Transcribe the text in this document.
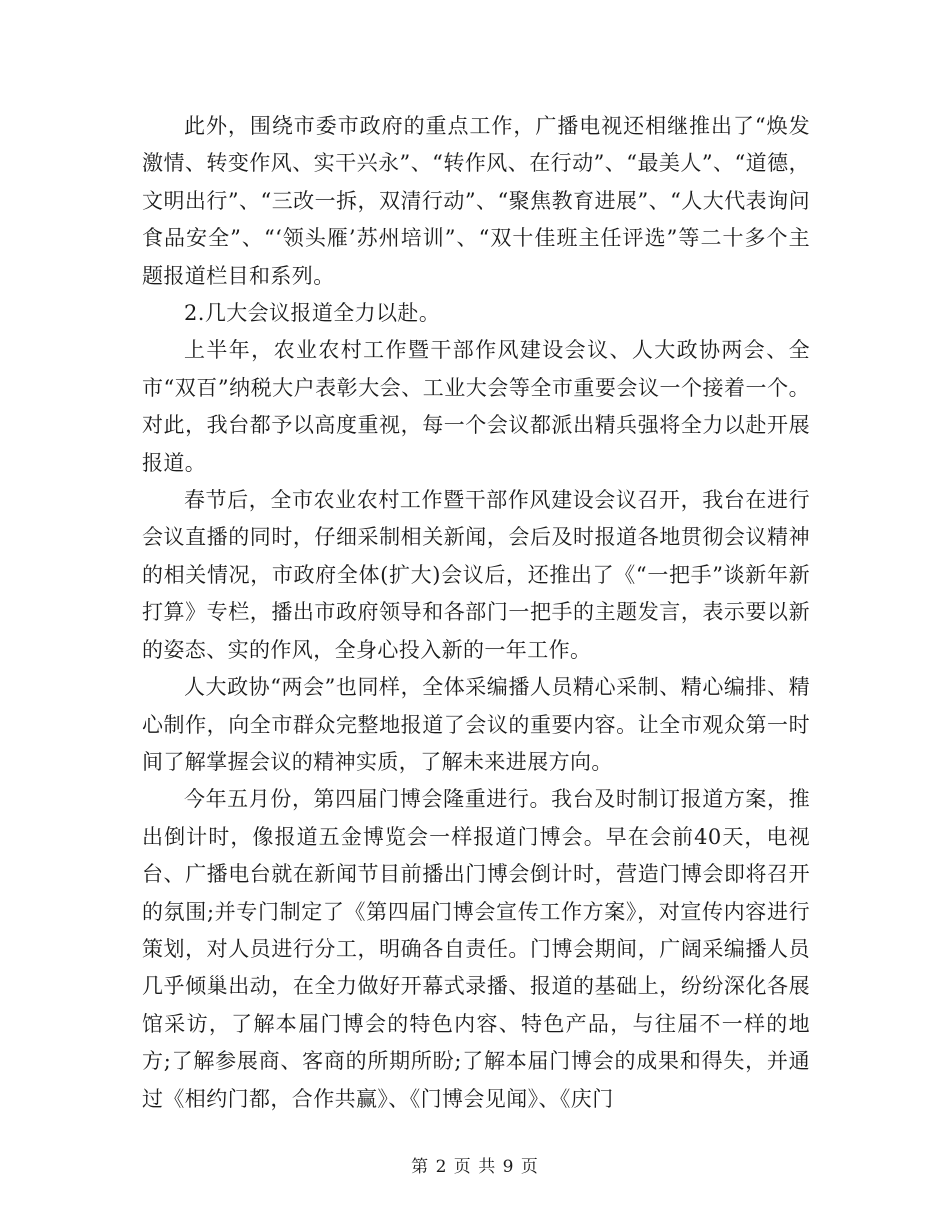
此外，围绕市委市政府的重点工作，广播电视还相继推出了“焕发激情、转变作风、实干兴永”、“转作风、在行动”、“最美人”、“道德，文明出行”、“三改一拆，双清行动”、“聚焦教育进展”、“人大代表询问食品安全”、“‘领头雁’苏州培训”、“双十佳班主任评选”等二十多个主题报道栏目和系列。

2.几大会议报道全力以赴。

上半年，农业农村工作暨干部作风建设会议、人大政协两会、全市“双百”纳税大户表彰大会、工业大会等全市重要会议一个接着一个。对此，我台都予以高度重视，每一个会议都派出精兵强将全力以赴开展报道。

春节后，全市农业农村工作暨干部作风建设会议召开，我台在进行会议直播的同时，仔细采制相关新闻，会后及时报道各地贯彻会议精神的相关情况，市政府全体(扩大)会议后，还推出了《“一把手”谈新年新打算》专栏，播出市政府领导和各部门一把手的主题发言，表示要以新的姿态、实的作风，全身心投入新的一年工作。

人大政协“两会”也同样，全体采编播人员精心采制、精心编排、精心制作，向全市群众完整地报道了会议的重要内容。让全市观众第一时间了解掌握会议的精神实质，了解未来进展方向。

今年五月份，第四届门博会隆重进行。我台及时制订报道方案，推出倒计时，像报道五金博览会一样报道门博会。早在会前40天，电视台、广播电台就在新闻节目前播出门博会倒计时，营造门博会即将召开的氛围;并专门制定了《第四届门博会宣传工作方案》，对宣传内容进行策划，对人员进行分工，明确各自责任。门博会期间，广阔采编播人员几乎倾巢出动，在全力做好开幕式录播、报道的基础上，纷纷深化各展馆采访，了解本届门博会的特色内容、特色产品，与往届不一样的地方;了解参展商、客商的所期所盼;了解本届门博会的成果和得失，并通过《相约门都，合作共赢》、《门博会见闻》、《庆门

第 2 页 共 9 页
